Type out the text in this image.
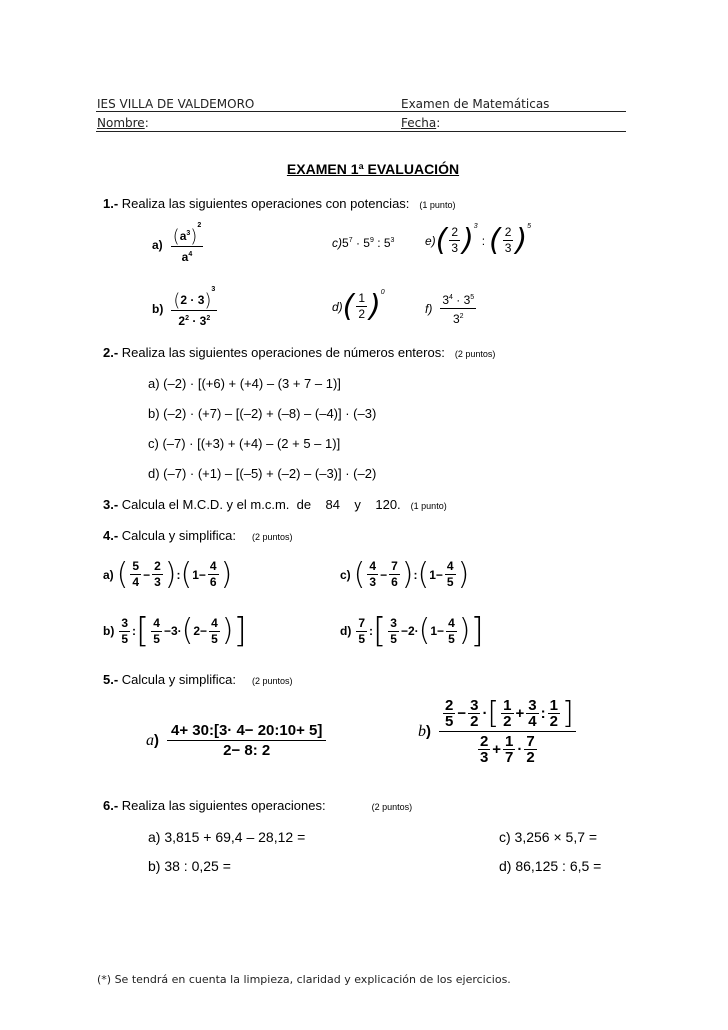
IES VILLA DE VALDEMORO	Examen de Matemáticas
Nombre:	Fecha:
EXAMEN 1ª EVALUACIÓN
1.- Realiza las siguientes operaciones con potencias: (1 punto)
a) $(a^3)^2$
$a^4$
b) $(2 \cdot 3)^3$
$2^2 \cdot 3^2$
c) $5^7 \cdot 5^9$ : $5^3$
d) ( 1
2 )$^0$
e) ( 2
3 )$^3$
: ( 2
3 )$^5$
f)
$3^4 \cdot 3^5$
$3^2$
2.- Realiza las siguientes operaciones de números enteros: (2 puntos)
a) (–2) · [(+6) + (+4) – (3 + 7 – 1)]
b) (–2) · (+7) – [(–2) + (–8) – (–4)] · (–3)
c) (–7) · [(+3) + (+4) – (2 + 5 – 1)]
d) (–7) · (+1) – [(–5) + (–2) – (–3)] · (–2)
3.- Calcula el M.C.D. y el m.c.m.  de    84    y    120. (1 punto)
4.- Calcula y simplifica: (2 puntos)
a) ( 5
4
−
2
3 ) : ( 1−
4
6 )	c) ( 4
3
−
7
6 ) : ( 1−
4
5 )
b)
3
5
: [ 4
5
−3· ( 2−
4
5 ) ]	d)
7
5
: [ 3
5
−2· ( 1−
4
5 ) ]
5.- Calcula y simplifica: (2 puntos)
a )
4+ 30:[3· 4− 20:10+ 5]
2− 8: 2
b )
2
5 − 3
2 · [ 1
2 + 3
4 : 1
2 ]
2
3 + 1
7 · 7
2
6.- Realiza las siguientes operaciones:	(2 puntos)
a) 3,815 + 69,4 – 28,12 =
b) 38 : 0,25 =
c) 3,256 × 5,7 =
d) 86,125 : 6,5 =
(*) Se tendrá en cuenta la limpieza, claridad y explicación de los ejercicios.
